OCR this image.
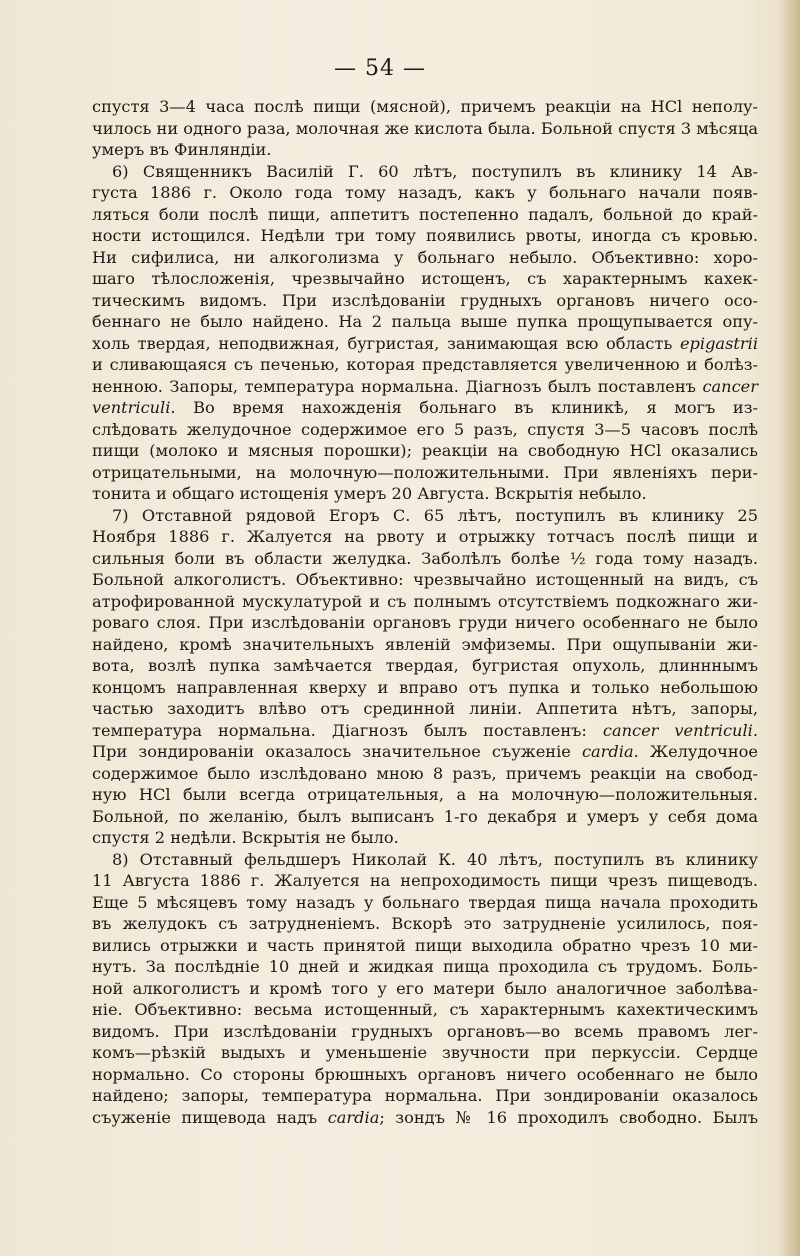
— 54 —
спустя 3—4 часа послѣ пищи (мясной), причемъ реакціи на HCl неполу-
чилось ни одного раза, молочная же кислота была. Больной спустя 3 мѣсяца
умеръ въ Финляндіи.
6) Священникъ Василій Г. 60 лѣтъ, поступилъ въ клинику 14 Ав-
густа 1886 г. Около года тому назадъ, какъ у больнаго начали появ-
ляться боли послѣ пищи, аппетитъ постепенно падалъ, больной до край-
ности истощился. Недѣли три тому появились рвоты, иногда съ кровью.
Ни сифилиса, ни алкоголизма у больнаго небыло. Объективно: хоро-
шаго тѣлосложенія, чрезвычайно истощенъ, съ характернымъ кахек-
тическимъ видомъ. При изслѣдованіи грудныхъ органовъ ничего осо-
беннаго не было найдено. На 2 пальца выше пупка прощупывается опу-
холь твердая, неподвижная, бугристая, занимающая всю область epigastrii
и сливающаяся съ печенью, которая представляется увеличенною и болѣз-
ненною. Запоры, температура нормальна. Діагнозъ былъ поставленъ cancer
ventriculi. Во время нахожденія больнаго въ клиникѣ, я могъ из-
слѣдовать желудочное содержимое его 5 разъ, спустя 3—5 часовъ послѣ
пищи (молоко и мясныя порошки); реакціи на свободную HCl оказались
отрицательными, на молочную—положительными. При явленіяхъ пери-
тонита и общаго истощенія умеръ 20 Августа. Вскрытія небыло.
7) Отставной рядовой Егоръ С. 65 лѣтъ, поступилъ въ клинику 25
Ноября 1886 г. Жалуется на рвоту и отрыжку тотчасъ послѣ пищи и
сильныя боли въ области желудка. Заболѣлъ болѣе ½ года тому назадъ.
Больной алкоголистъ. Объективно: чрезвычайно истощенный на видъ, съ
атрофированной мускулатурой и съ полнымъ отсутствіемъ подкожнаго жи-
роваго слоя. При изслѣдованіи органовъ груди ничего особеннаго не было
найдено, кромѣ значительныхъ явленій эмфиземы. При ощупываніи жи-
вота, возлѣ пупка замѣчается твердая, бугристая опухоль, длинннымъ
концомъ направленная кверху и вправо отъ пупка и только небольшою
частью заходитъ влѣво отъ срединной линіи. Аппетита нѣтъ, запоры,
температура нормальна. Діагнозъ былъ поставленъ: cancer ventriculi.
При зондированіи оказалось значительное съуженіе cardia. Желудочное
содержимое было изслѣдовано мною 8 разъ, причемъ реакціи на свобод-
ную HCl были всегда отрицательныя, а на молочную—положительныя.
Больной, по желанію, былъ выписанъ 1-го декабря и умеръ у себя дома
спустя 2 недѣли. Вскрытія не было.
8) Отставный фельдшеръ Николай К. 40 лѣтъ, поступилъ въ клинику
11 Августа 1886 г. Жалуется на непроходимость пищи чрезъ пищеводъ.
Еще 5 мѣсяцевъ тому назадъ у больнаго твердая пища начала проходить
въ желудокъ съ затрудненіемъ. Вскорѣ это затрудненіе усилилось, поя-
вились отрыжки и часть принятой пищи выходила обратно чрезъ 10 ми-
нутъ. За послѣдніе 10 дней и жидкая пища проходила съ трудомъ. Боль-
ной алкоголистъ и кромѣ того у его матери было аналогичное заболѣва-
ніе. Объективно: весьма истощенный, съ характернымъ кахектическимъ
видомъ. При изслѣдованіи грудныхъ органовъ—во всемь правомъ лег-
комъ—рѣзкій выдыхъ и уменьшеніе звучности при перкуссіи. Сердце
нормально. Со стороны брюшныхъ органовъ ничего особеннаго не было
найдено; запоры, температура нормальна. При зондированіи оказалось
съуженіе пищевода надъ cardia; зондъ № 16 проходилъ свободно. Былъ
